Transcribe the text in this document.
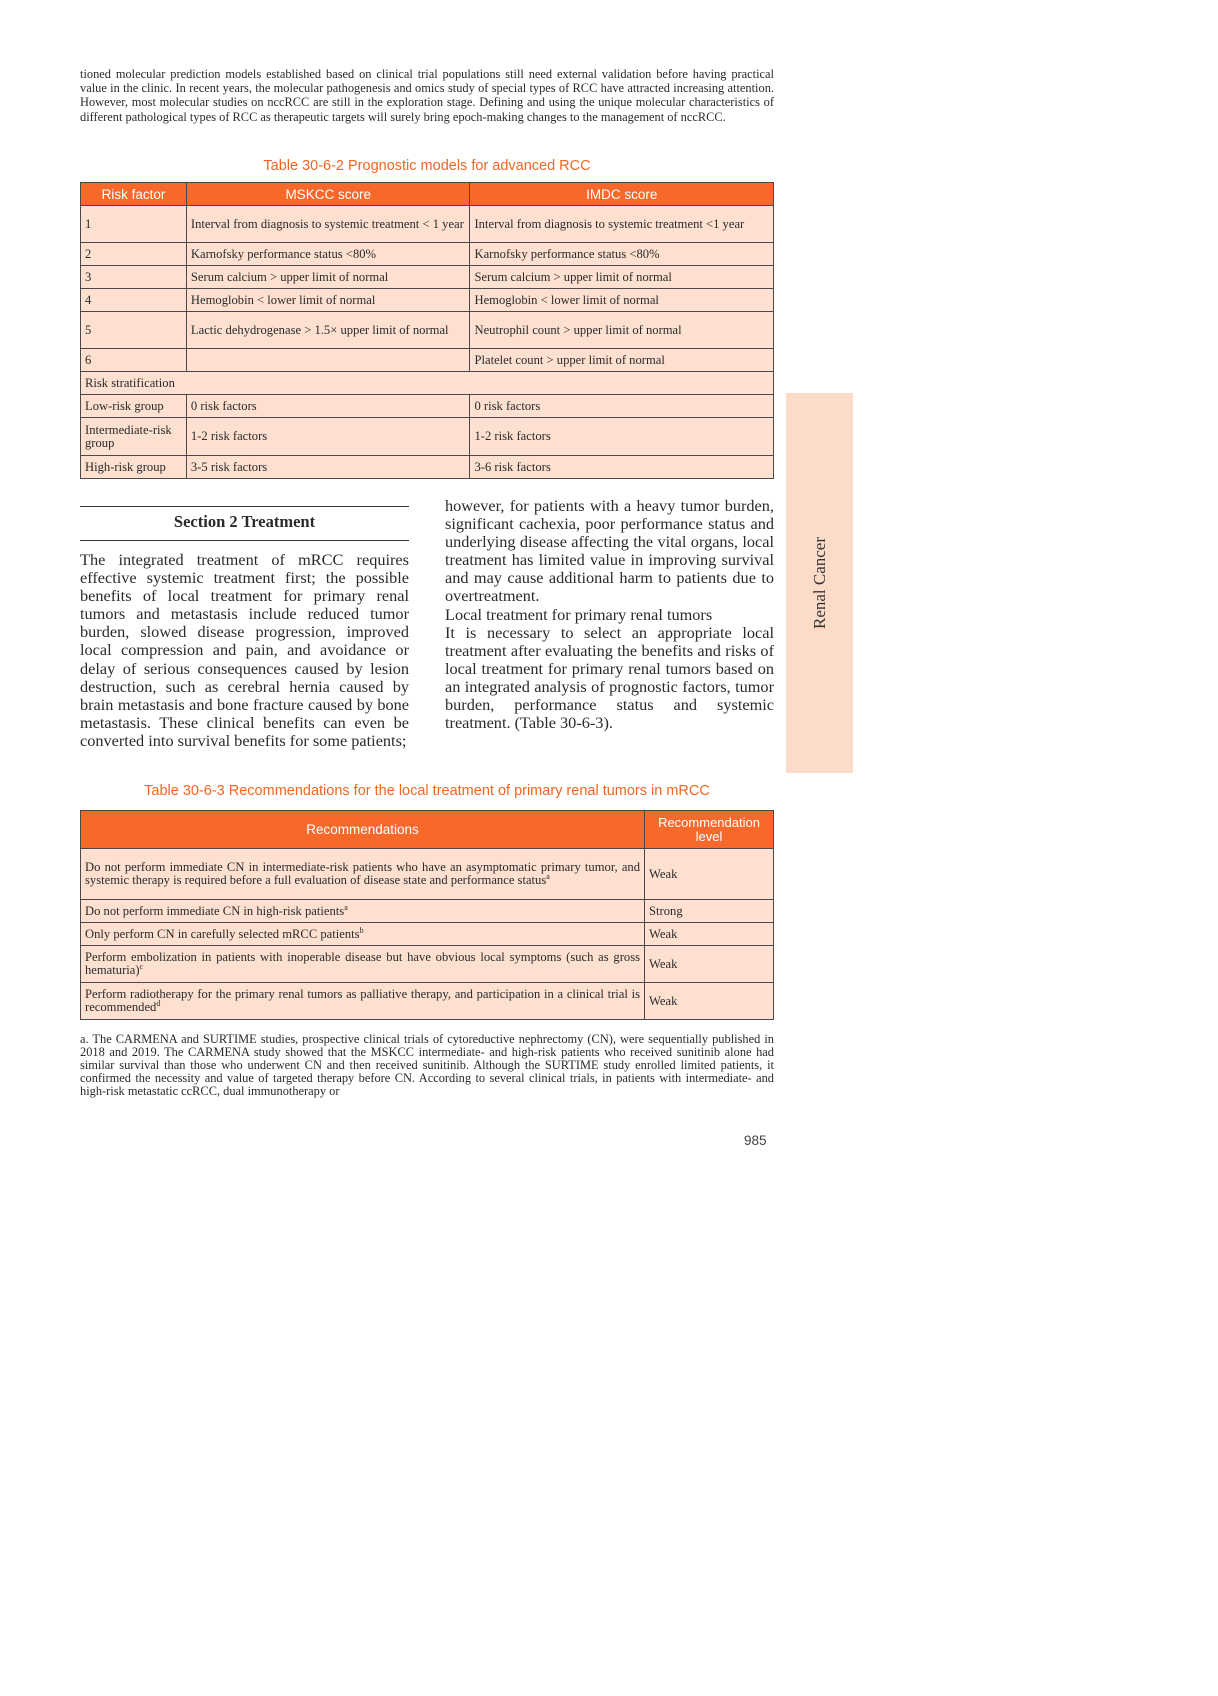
tioned molecular prediction models established based on clinical trial populations still need external validation before having practical value in the clinic. In recent years, the molecular pathogenesis and omics study of special types of RCC have attracted increasing attention. However, most molecular studies on nccRCC are still in the exploration stage. Defining and using the unique molecular characteristics of different pathological types of RCC as therapeutic targets will surely bring epoch-making changes to the management of nccRCC.
Table 30-6-2 Prognostic models for advanced RCC
Risk factor	MSKCC score	IMDC score
1	Interval from diagnosis to systemic treatment < 1 year	Interval from diagnosis to systemic treatment <1 year
2	Karnofsky performance status <80%	Karnofsky performance status <80%
3	Serum calcium > upper limit of normal	Serum calcium > upper limit of normal
4	Hemoglobin < lower limit of normal	Hemoglobin < lower limit of normal
5	Lactic dehydrogenase > 1.5× upper limit of normal	Neutrophil count > upper limit of normal
6		Platelet count > upper limit of normal
Risk stratification		
Low-risk group	0 risk factors	0 risk factors
Intermediate-risk group	1-2 risk factors	1-2 risk factors
High-risk group	3-5 risk factors	3-6 risk factors
Section 2 Treatment
The integrated treatment of mRCC requires effective systemic treatment first; the possible benefits of local treatment for primary renal tumors and metastasis include reduced tumor burden, slowed disease progression, improved local compression and pain, and avoidance or delay of serious consequences caused by lesion destruction, such as cerebral hernia caused by brain metastasis and bone fracture caused by bone metastasis. These clinical benefits can even be converted into survival benefits for some patients;
however, for patients with a heavy tumor burden, significant cachexia, poor performance status and underlying disease affecting the vital organs, local treatment has limited value in improving survival and may cause additional harm to patients due to overtreatment.
Local treatment for primary renal tumors
It is necessary to select an appropriate local treatment after evaluating the benefits and risks of local treatment for primary renal tumors based on an integrated analysis of prognostic factors, tumor burden, performance status and systemic treatment. (Table 30-6-3).
Table 30-6-3 Recommendations for the local treatment of primary renal tumors in mRCC
Recommendations	Recommendation level
Do not perform immediate CN in intermediate-risk patients who have an asymptomatic primary tumor, and systemic therapy is required before a full evaluation of disease state and performance status$^a$	Weak
Do not perform immediate CN in high-risk patients$^a$	Strong
Only perform CN in carefully selected mRCC patients$^b$	Weak
Perform embolization in patients with inoperable disease but have obvious local symptoms (such as gross hematuria)$^c$	Weak
Perform radiotherapy for the primary renal tumors as palliative therapy, and participation in a clinical trial is recommended$^d$	Weak
a. The CARMENA and SURTIME studies, prospective clinical trials of cytoreductive nephrectomy (CN), were sequentially published in 2018 and 2019. The CARMENA study showed that the MSKCC intermediate- and high-risk patients who received sunitinib alone had similar survival than those who underwent CN and then received sunitinib. Although the SURTIME study enrolled limited patients, it confirmed the necessity and value of targeted therapy before CN. According to several clinical trials, in patients with intermediate- and high-risk metastatic ccRCC, dual immunotherapy or
985
Renal Cancer
